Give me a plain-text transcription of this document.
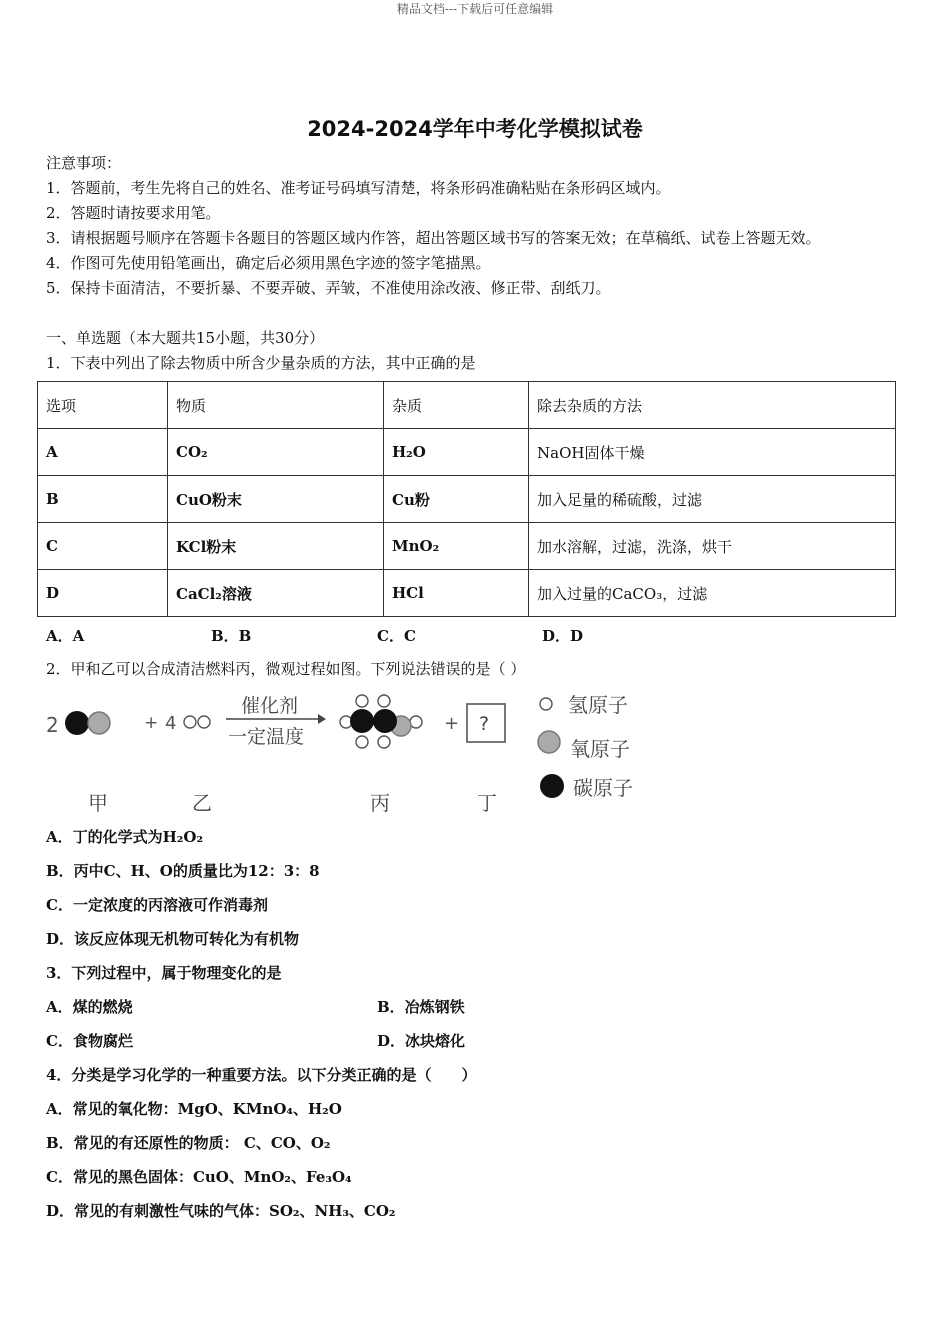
精品文档---下载后可任意编辑
2024-2024学年中考化学模拟试卷
注意事项：
1．答题前，考生先将自己的姓名、准考证号码填写清楚，将条形码准确粘贴在条形码区域内。
2．答题时请按要求用笔。
3．请根据题号顺序在答题卡各题目的答题区域内作答，超出答题区域书写的答案无效；在草稿纸、试卷上答题无效。
4．作图可先使用铅笔画出，确定后必须用黑色字迹的签字笔描黑。
5．保持卡面清洁，不要折暴、不要弄破、弄皱，不准使用涂改液、修正带、刮纸刀。
一、单选题（本大题共15小题，共30分）
1．下表中列出了除去物质中所含少量杂质的方法，其中正确的是
选项	物质	杂质	除去杂质的方法
A	CO₂	H₂O	NaOH固体干燥
B	CuO粉末	Cu粉	加入足量的稀硫酸，过滤
C	KCl粉末	MnO₂	加水溶解，过滤，洗涤，烘干
D	CaCl₂溶液	HCl	加入过量的CaCO₃，过滤
A．A	B．B	C．C	D．D
2．甲和乙可以合成清洁燃料丙，微观过程如图。下列说法错误的是（ ）
2	+ 4
催化剂
一定温度
+ ?
甲	乙	丙	丁
氢原子
氧原子
碳原子
A．丁的化学式为H₂O₂
B．丙中C、H、O的质量比为12：3：8
C．一定浓度的丙溶液可作消毒剂
D．该反应体现无机物可转化为有机物
3．下列过程中，属于物理变化的是
A．煤的燃烧	B．冶炼钢铁
C．食物腐烂	D．冰块熔化
4．分类是学习化学的一种重要方法。以下分类正确的是（　　）
A．常见的氧化物：MgO、KMnO₄、H₂O
B．常见的有还原性的物质： C、CO、O₂
C．常见的黑色固体：CuO、MnO₂、Fe₃O₄
D．常见的有刺激性气味的气体：SO₂、NH₃、CO₂
